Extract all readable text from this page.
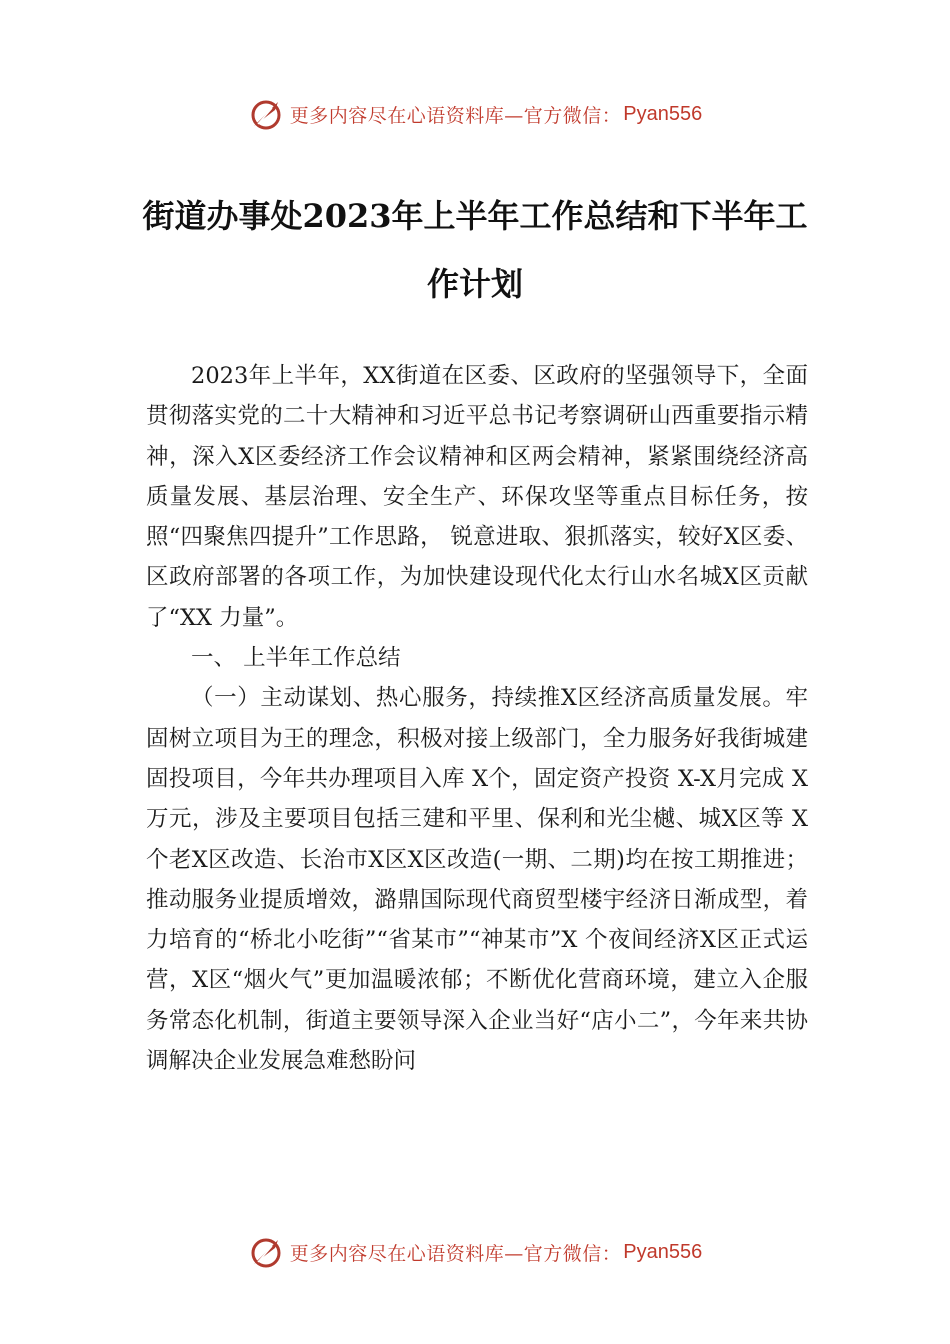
更多内容尽在心语资料库—官方微信： Pyan556
街道办事处2023年上半年工作总结和下半年工作计划

2023年上半年，XX街道在区委、区政府的坚强领导下，全面贯彻落实党的二十大精神和习近平总书记考察调研山西重要指示精神，深入X区委经济工作会议精神和区两会精神，紧紧围绕经济高质量发展、基层治理、安全生产、环保攻坚等重点目标任务，按照“四聚焦四提升”工作思路， 锐意进取、狠抓落实，较好X区委、区政府部署的各项工作，为加快建设现代化太行山水名城X区贡献了“XX 力量”。

一、 上半年工作总结

（一）主动谋划、热心服务，持续推X区经济高质量发展。牢固树立项目为王的理念，积极对接上级部门，全力服务好我街城建固投项目，今年共办理项目入库 X个，固定资产投资 X-X月完成 X万元，涉及主要项目包括三建和平里、保利和光尘樾、城X区等 X个老X区改造、长治市X区X区改造(一期、二期)均在按工期推进；推动服务业提质增效，潞鼎国际现代商贸型楼宇经济日渐成型，着力培育的“桥北小吃街”“省某市”“神某市”X 个夜间经济X区正式运营，X区“烟火气”更加温暖浓郁；不断优化营商环境，建立入企服务常态化机制，街道主要领导深入企业当好“店小二”，今年来共协调解决企业发展急难愁盼问

更多内容尽在心语资料库—官方微信： Pyan556
